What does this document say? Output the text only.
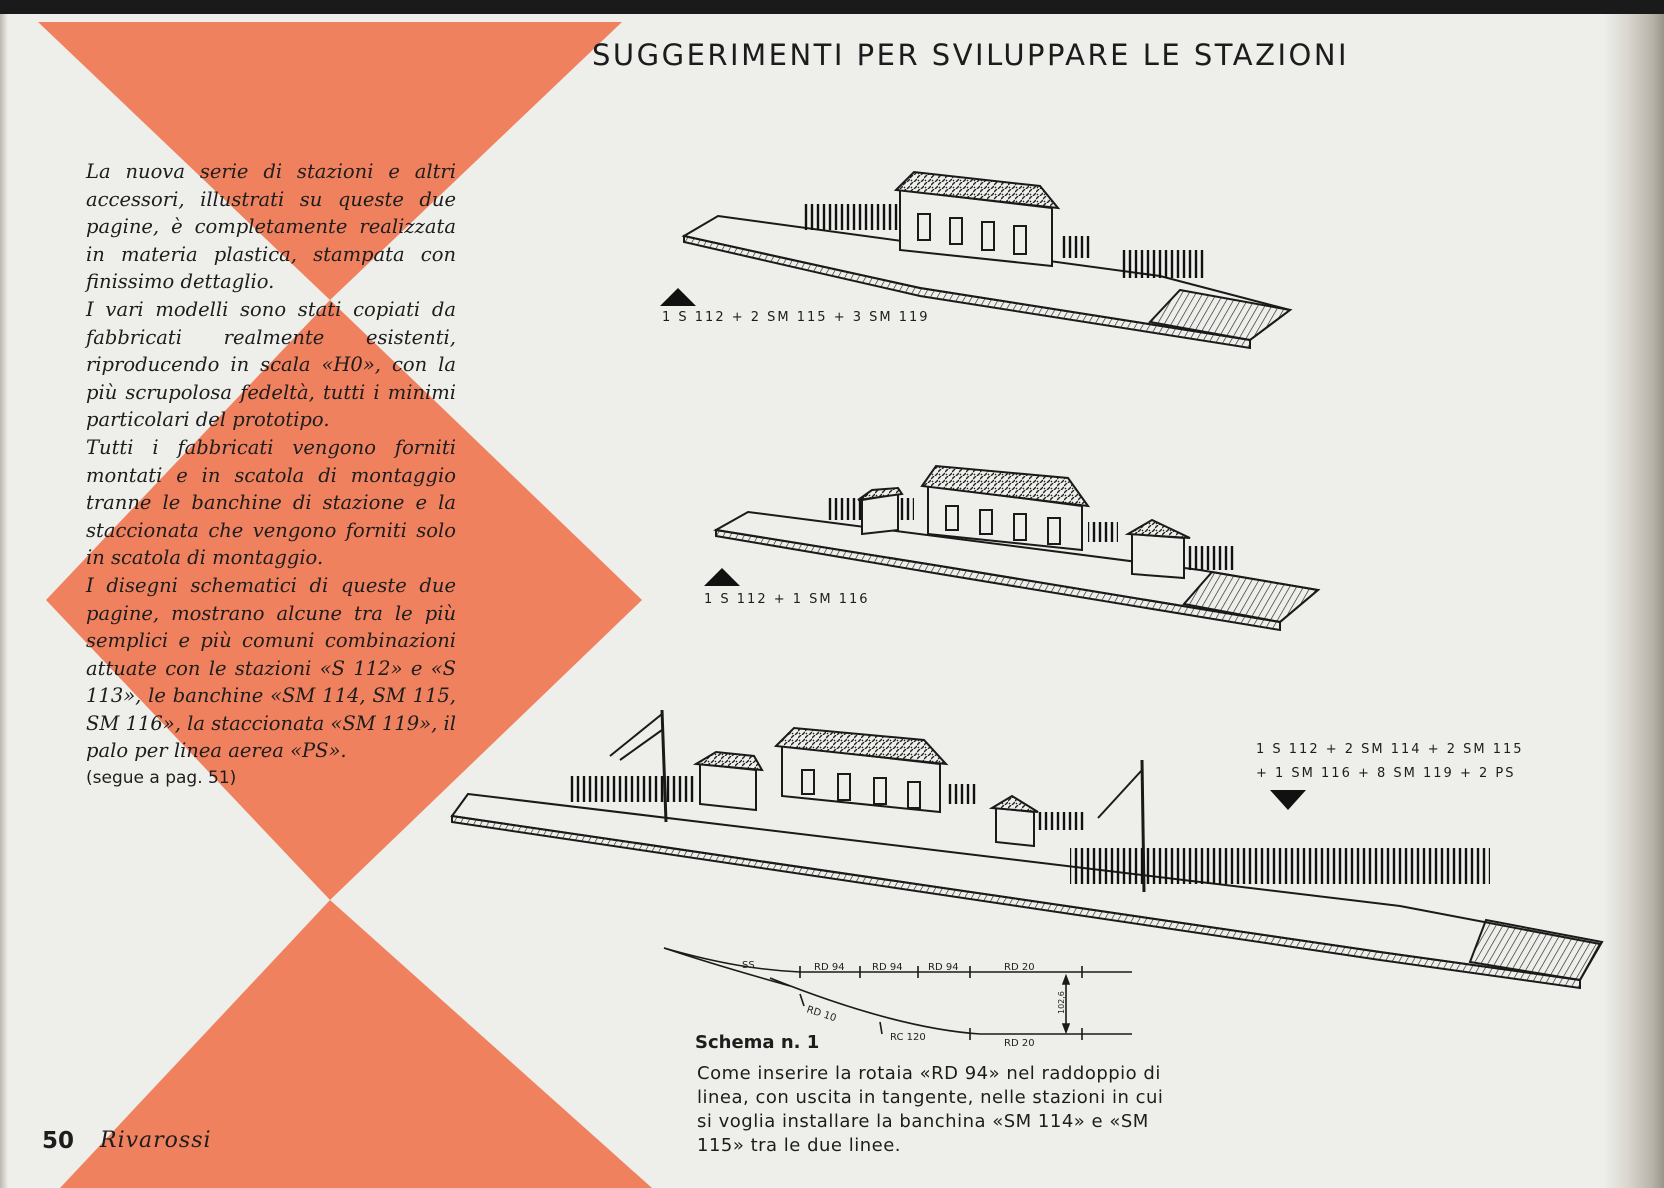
SUGGERIMENTI PER SVILUPPARE LE STAZIONI

La nuova serie di stazioni e altri accessori, illustrati su queste due pagine, è completamente realizzata in materia plastica, stampata con finissimo dettaglio.

I vari modelli sono stati copiati da fabbricati realmente esistenti, riproducendo in scala «H0», con la più scrupolosa fedeltà, tutti i minimi particolari del prototipo.

Tutti i fabbricati vengono forniti montati e in scatola di montaggio tranne le banchine di stazione e la staccionata che vengono forniti solo in scatola di montaggio.

I disegni schematici di queste due pagine, mostrano alcune tra le più semplici e più comuni combinazioni attuate con le stazioni «S 112» e «S 113», le banchine «SM 114, SM 115, SM 116», la staccionata «SM 119», il palo per linea aerea «PS».

(segue a pag. 51)

SS	RD 94	RD 94	RD 94	RD 20
RD 10
RC 120
RD 20
102,6
1 S 112 + 2 SM 115 + 3 SM 119
1 S 112 + 1 SM 116
1 S 112 + 2 SM 114 + 2 SM 115
+ 1 SM 116 + 8 SM 119 + 2 PS
Schema n. 1
Come inserire la rotaia «RD 94» nel raddoppio di linea, con uscita in tangente, nelle stazioni in cui si voglia installare la banchina «SM 114» e «SM 115» tra le due linee.
50 Rivarossi
